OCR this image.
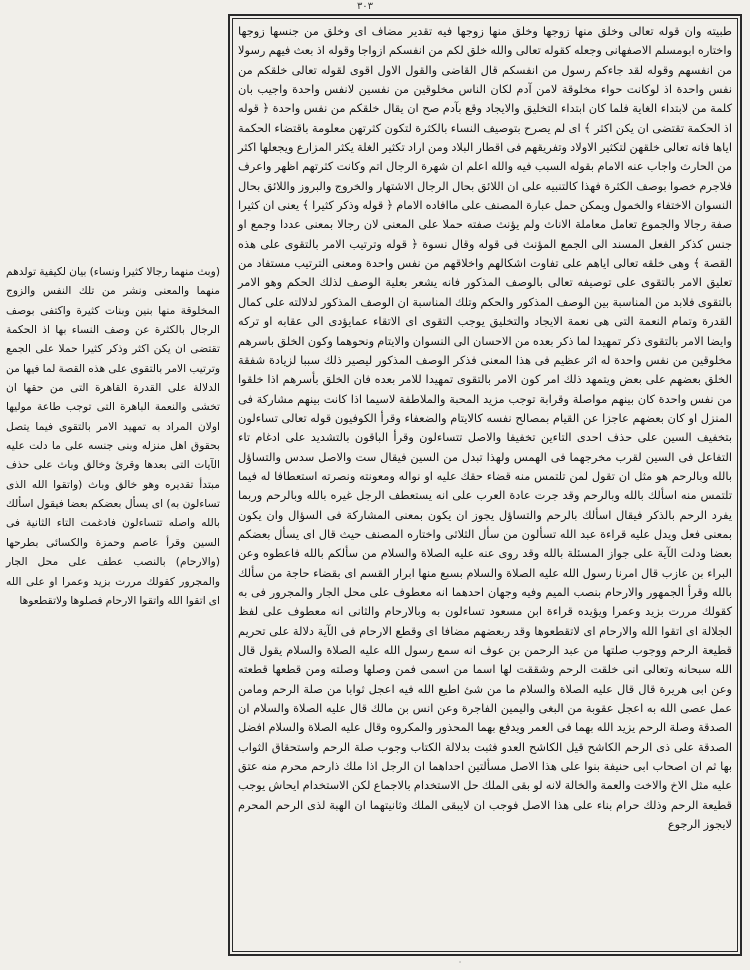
٣٠٣

طبيته وان قوله تعالى وخلق منها زوجها وخلق منها زوجها فيه تقدير مضاف اى وخلق من جنسها زوجها واختاره ابومسلم الاصفهانى وجعله كقوله تعالى والله خلق لكم من انفسكم ازواجا وقوله اذ بعث فيهم رسولا من انفسهم وقوله لقد جاءكم رسول من انفسكم قال القاضى والقول الاول اقوى لقوله تعالى خلقكم من نفس واحدة اذ لوكانت حواء مخلوقة لامن آدم لكان الناس مخلوقين من نفسين لانفس واحدة واجيب بان كلمة من لابتداء الغاية فلما كان ابتداء التخليق والايجاد وقع بآدم صح ان يقال خلقكم من نفس واحدة ﴿ قوله اذ الحكمة تقتضى ان يكن اكثر ﴾ اى لم يصرح بتوصيف النساء بالكثرة لتكون كثرتهن معلومة باقتضاء الحكمة اياها فانه تعالى خلقهن لتكثير الاولاد وتفريقهم فى اقطار البلاد ومن اراد تكثير الغلة يكثر المزارع ويجعلها اكثر من الحارث واجاب عنه الامام بقوله السبب فيه والله اعلم ان شهرة الرجال اتم وكانت كثرتهم اظهر واعرف فلاجرم خصوا بوصف الكثرة فهذا كالتنبيه على ان اللائق بحال الرجال الاشتهار والخروج والبروز واللائق بحال النسوان الاختفاء والخمول ويمكن حمل عبارة المصنف على ماافاده الامام ﴿ قوله وذكر كثيرا ﴾ يعنى ان كثيرا صفة رجالا والجموع تعامل معاملة الاناث ولم يؤنث صفته حملا على المعنى لان رجالا بمعنى عددا وجمع او جنس كذكر الفعل المسند الى الجمع المؤنث فى قوله وقال نسوة ﴿ قوله وترتيب الامر بالتقوى على هذه القصة ﴾ وهى خلقه تعالى اياهم على تفاوت اشكالهم واخلاقهم من نفس واحدة ومعنى الترتيب مستفاد من تعليق الامر بالتقوى على توصيفه تعالى بالوصف المذكور فانه يشعر بعلية الوصف لذلك الحكم وهو الامر بالتقوى فلابد من المناسبة بين الوصف المذكور والحكم وتلك المناسبة ان الوصف المذكور لدلالته على كمال القدرة وتمام النعمة التى هى نعمة الايجاد والتخليق يوجب التقوى اى الاتقاء عمايؤدى الى عقابه او تركه وايضا الامر بالتقوى ذكر تمهيدا لما ذكر بعده من الاحسان الى النسوان والايتام ونحوهما وكون الخلق باسرهم مخلوقين من نفس واحدة له اثر عظيم فى هذا المعنى فذكر الوصف المذكور ليصير ذلك سببا لزيادة شفقة الخلق بعضهم على بعض ويتمهد ذلك امر كون الامر بالتقوى تمهيدا للامر بعده فان الخلق بأسرهم اذا خلقوا من نفس واحدة كان بينهم مواصلة وقرابة توجب مزيد المحبة والملاطفة لاسيما اذا كانت بينهم مشاركة فى المنزل او كان بعضهم عاجزا عن القيام بمصالح نفسه كالايتام والضعفاء وقرأ الكوفيون قوله تعالى تساءلون بتخفيف السين على حذف احدى التاءين تخفيفا والاصل تتساءلون وقرأ الباقون بالتشديد على ادغام تاء التفاعل فى السين لقرب مخرجهما فى الهمس ولهذا تبدل من السين فيقال ست والاصل سدس والتساؤل بالله وبالرحم هو مثل ان تقول لمن تلتمس منه قضاء حقك عليه او نواله ومعونته ونصرته استعطافا له فيما تلتمس منه اسألك بالله وبالرحم وقد جرت عادة العرب على انه يستعطف الرجل غيره بالله وبالرحم وربما يفرد الرحم بالذكر فيقال اسألك بالرحم والتساؤل يجوز ان يكون بمعنى المشاركة فى السؤال وان يكون بمعنى فعل ويدل عليه قراءة عبد الله تسألون من سأل الثلاثى واختاره المصنف حيث قال اى يسأل بعضكم بعضا ودلت الآية على جواز المسئلة بالله وقد روى عنه عليه الصلاة والسلام من سألكم بالله فاعطوه وعن البراء بن عازب قال امرنا رسول الله عليه الصلاة والسلام بسبع منها ابرار القسم اى بقضاء حاجة من سألك بالله وقرأ الجمهور والارحام بنصب الميم وفيه وجهان احدهما انه معطوف على محل الجار والمجرور فى به كقولك مررت بزيد وعمرا ويؤيده قراءة ابن مسعود تساءلون به وبالارحام والثانى انه معطوف على لفظ الجلالة اى اتقوا الله والارحام اى لاتقطعوها وقد ربعضهم مضافا اى وقطع الارحام فى الآية دلالة على تحريم قطيعة الرحم ووجوب صلتها من عبد الرحمن بن عوف انه سمع رسول الله عليه الصلاة والسلام يقول قال الله سبحانه وتعالى انى خلقت الرحم وشققت لها اسما من اسمى فمن وصلها وصلته ومن قطعها قطعته وعن ابى هريرة قال قال عليه الصلاة والسلام ما من شئ اطيع الله فيه اعجل ثوابا من صلة الرحم ومامن عمل عصى الله به اعجل عقوبة من البغى واليمين الفاجرة وعن انس بن مالك قال عليه الصلاة والسلام ان الصدقة وصلة الرحم يزيد الله بهما فى العمر ويدفع بهما المحذور والمكروه وقال عليه الصلاة والسلام افضل الصدقة على ذى الرحم الكاشح قيل الكاشح العدو فثبت بدلالة الكتاب وجوب صلة الرحم واستحقاق الثواب بها ثم ان اصحاب ابى حنيفة بنوا على هذا الاصل مسألتين احداهما ان الرجل اذا ملك ذارحم محرم منه عتق عليه مثل الاخ والاخت والعمة والخالة لانه لو بقى الملك حل الاستخدام بالاجماع لكن الاستخدام ايحاش يوجب قطيعة الرحم وذلك حرام بناء على هذا الاصل فوجب ان لايبقى الملك وثانيتهما ان الهبة لذى الرحم المحرم لايجوز الرجوع

(وبث منهما رجالا كثيرا ونساء) بيان لكيفية تولدهم منهما والمعنى ونشر من تلك النفس والزوج المخلوقة منها بنين وبنات كثيرة واكتفى بوصف الرجال بالكثرة عن وصف النساء بها اذ الحكمة تقتضى ان يكن اكثر وذكر كثيرا حملا على الجمع وترتيب الامر بالتقوى على هذه القصة لما فيها من الدلالة على القدرة القاهرة التى من حقها ان تخشى والنعمة الباهرة التى توجب طاعة موليها اولان المراد به تمهيد الامر بالتقوى فيما يتصل بحقوق اهل منزله وبنى جنسه على ما دلت عليه الآيات التى بعدها وقرئ وخالق وباث على حذف مبتدأ تقديره وهو خالق وباث (واتقوا الله الذى تساءلون به) اى يسأل بعضكم بعضا فيقول اسألك بالله واصله تتساءلون فادغمت التاء الثانية فى السين وقرأ عاصم وحمزة والكسائى بطرحها (والارحام) بالنصب عطف على محل الجار والمجرور كقولك مررت بزيد وعمرا او على الله اى اتقوا الله واتقوا الارحام فصلوها ولاتقطعوها

·
